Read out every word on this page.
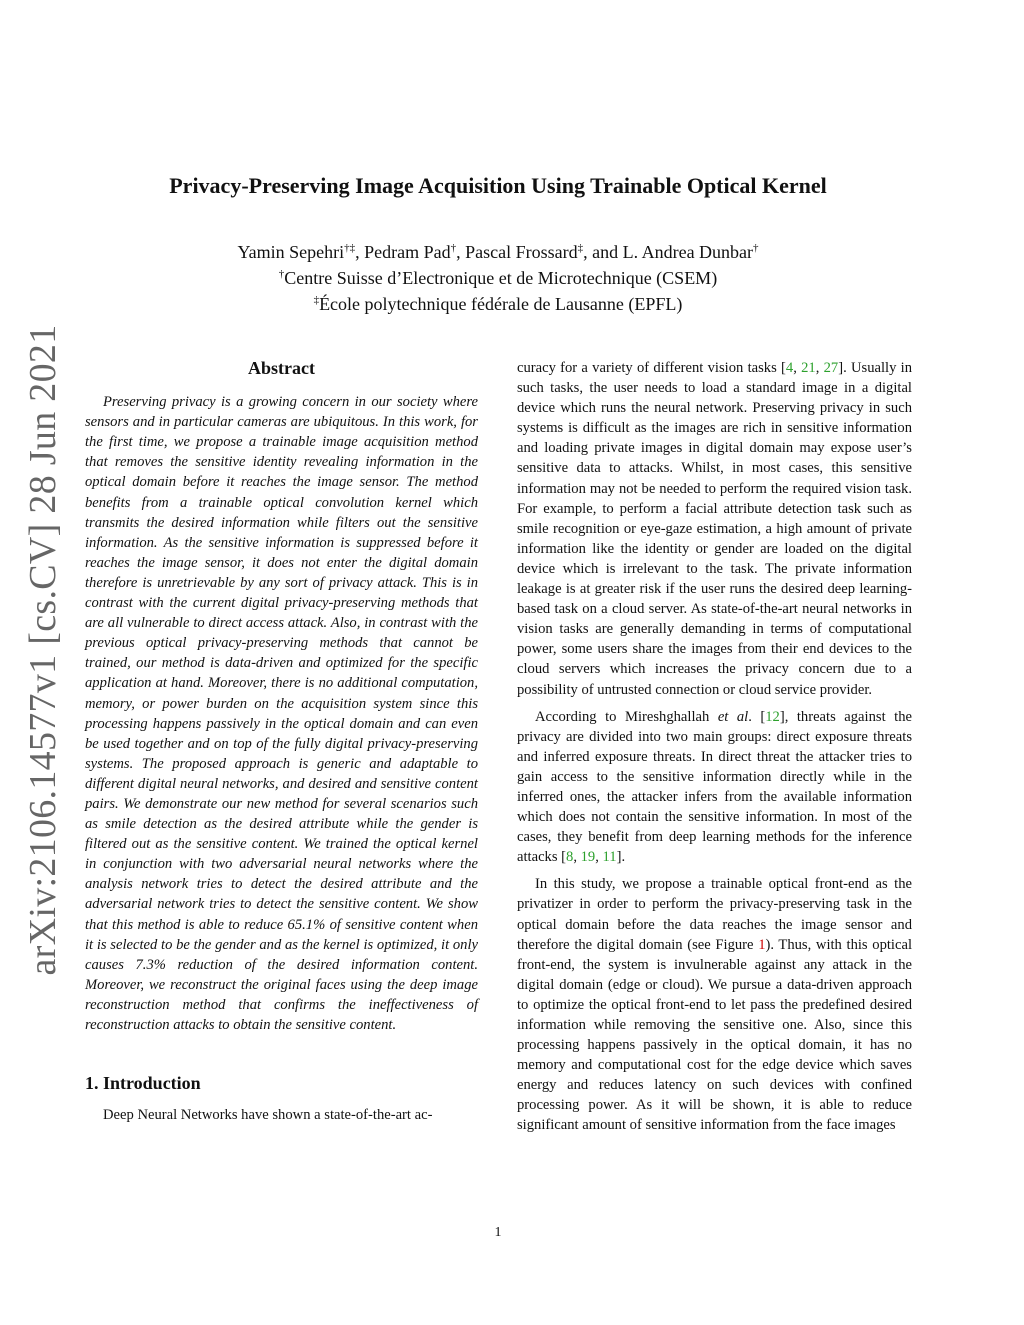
arXiv:2106.14577v1 [cs.CV] 28 Jun 2021
Privacy-Preserving Image Acquisition Using Trainable Optical Kernel
Yamin Sepehri†‡, Pedram Pad†, Pascal Frossard‡, and L. Andrea Dunbar†
†Centre Suisse d’Electronique et de Microtechnique (CSEM)
‡École polytechnique fédérale de Lausanne (EPFL)
Abstract

Preserving privacy is a growing concern in our society where sensors and in particular cameras are ubiquitous. In this work, for the first time, we propose a trainable image acquisition method that removes the sensitive identity revealing information in the optical domain before it reaches the image sensor. The method benefits from a trainable optical convolution kernel which transmits the desired information while filters out the sensitive information. As the sensitive information is suppressed before it reaches the image sensor, it does not enter the digital domain therefore is unretrievable by any sort of privacy attack. This is in contrast with the current digital privacy-preserving methods that are all vulnerable to direct access attack. Also, in contrast with the previous optical privacy-preserving methods that cannot be trained, our method is data-driven and optimized for the specific application at hand. Moreover, there is no additional computation, memory, or power burden on the acquisition system since this processing happens passively in the optical domain and can even be used together and on top of the fully digital privacy-preserving systems. The proposed approach is generic and adaptable to different digital neural networks, and desired and sensitive content pairs. We demonstrate our new method for several scenarios such as smile detection as the desired attribute while the gender is filtered out as the sensitive content. We trained the optical kernel in conjunction with two adversarial neural networks where the analysis network tries to detect the desired attribute and the adversarial network tries to detect the sensitive content. We show that this method is able to reduce 65.1% of sensitive content when it is selected to be the gender and as the kernel is optimized, it only causes 7.3% reduction of the desired information content. Moreover, we reconstruct the original faces using the deep image reconstruction method that confirms the ineffectiveness of reconstruction attacks to obtain the sensitive content.

1. Introduction

Deep Neural Networks have shown a state-of-the-art ac-

curacy for a variety of different vision tasks [4, 21, 27]. Usually in such tasks, the user needs to load a standard image in a digital device which runs the neural network. Preserving privacy in such systems is difficult as the images are rich in sensitive information and loading private images in digital domain may expose user’s sensitive data to attacks. Whilst, in most cases, this sensitive information may not be needed to perform the required vision task. For example, to perform a facial attribute detection task such as smile recognition or eye-gaze estimation, a high amount of private information like the identity or gender are loaded on the digital device which is irrelevant to the task. The private information leakage is at greater risk if the user runs the desired deep learning-based task on a cloud server. As state-of-the-art neural networks in vision tasks are generally demanding in terms of computational power, some users share the images from their end devices to the cloud servers which increases the privacy concern due to a possibility of untrusted connection or cloud service provider.

According to Mireshghallah et al. [12], threats against the privacy are divided into two main groups: direct exposure threats and inferred exposure threats. In direct threat the attacker tries to gain access to the sensitive information directly while in the inferred ones, the attacker infers from the available information which does not contain the sensitive information. In most of the cases, they benefit from deep learning methods for the inference attacks [8, 19, 11].

In this study, we propose a trainable optical front-end as the privatizer in order to perform the privacy-preserving task in the optical domain before the data reaches the image sensor and therefore the digital domain (see Figure 1). Thus, with this optical front-end, the system is invulnerable against any attack in the digital domain (edge or cloud). We pursue a data-driven approach to optimize the optical front-end to let pass the predefined desired information while removing the sensitive one. Also, since this processing happens passively in the optical domain, it has no memory and computational cost for the edge device which saves energy and reduces latency on such devices with confined processing power. As it will be shown, it is able to reduce significant amount of sensitive information from the face images

1
